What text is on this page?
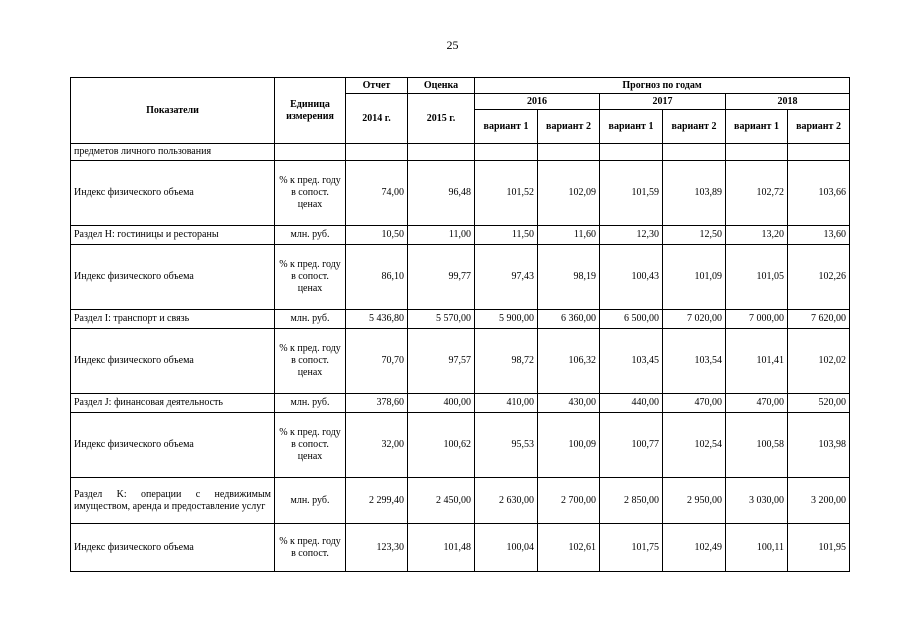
25
Показатели	Единица измерения	Отчет	Оценка	Прогноз по годам					
		2014 г.	2015 г.	2016		2017		2018	
				вариант 1	вариант 2	вариант 1	вариант 2	вариант 1	вариант 2
предметов личного пользования									
Индекс физического объема	% к пред. году в сопост. ценах	74,00	96,48	101,52	102,09	101,59	103,89	102,72	103,66
Раздел H: гостиницы и рестораны	млн. руб.	10,50	11,00	11,50	11,60	12,30	12,50	13,20	13,60
Индекс физического объема	% к пред. году в сопост. ценах	86,10	99,77	97,43	98,19	100,43	101,09	101,05	102,26
Раздел I: транспорт и связь	млн. руб.	5 436,80	5 570,00	5 900,00	6 360,00	6 500,00	7 020,00	7 000,00	7 620,00
Индекс физического объема	% к пред. году в сопост. ценах	70,70	97,57	98,72	106,32	103,45	103,54	101,41	102,02
Раздел J: финансовая деятельность	млн. руб.	378,60	400,00	410,00	430,00	440,00	470,00	470,00	520,00
Индекс физического объема	% к пред. году в сопост. ценах	32,00	100,62	95,53	100,09	100,77	102,54	100,58	103,98
Раздел K: операции с недвижимым имуществом, аренда и предоставление услуг	млн. руб.	2 299,40	2 450,00	2 630,00	2 700,00	2 850,00	2 950,00	3 030,00	3 200,00
Индекс физического объема	% к пред. году в сопост.	123,30	101,48	100,04	102,61	101,75	102,49	100,11	101,95
